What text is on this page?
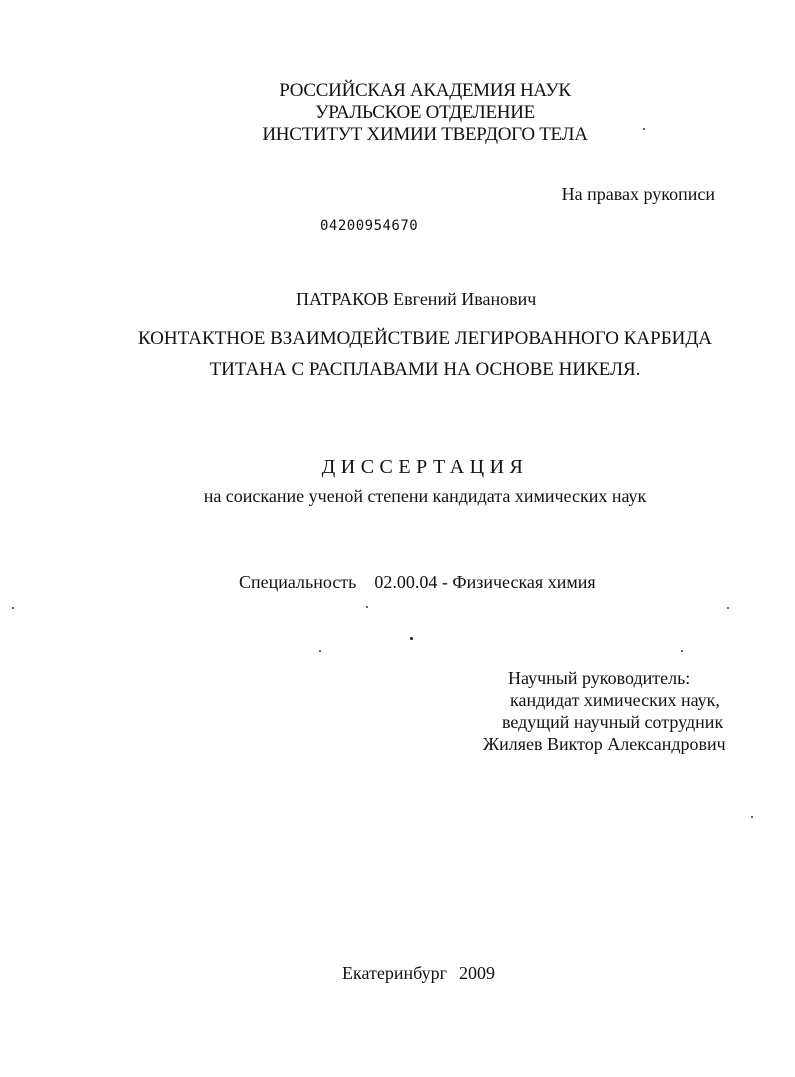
РОССИЙСКАЯ АКАДЕМИЯ НАУК
УРАЛЬСКОЕ ОТДЕЛЕНИЕ
ИНСТИТУТ ХИМИИ ТВЕРДОГО ТЕЛА
На правах рукописи
04200954670
ПАТРАКОВ Евгений Иванович
КОНТАКТНОЕ ВЗАИМОДЕЙСТВИЕ ЛЕГИРОВАННОГО КАРБИДА
ТИТАНА С РАСПЛАВАМИ НА ОСНОВЕ НИКЕЛЯ.
ДИССЕРТАЦИЯ
на соискание ученой степени кандидата химических наук
Специальность 02.00.04 - Физическая химия
Научный руководитель:
кандидат химических наук,
ведущий научный сотрудник
Жиляев Виктор Александрович
Екатеринбург 2009
